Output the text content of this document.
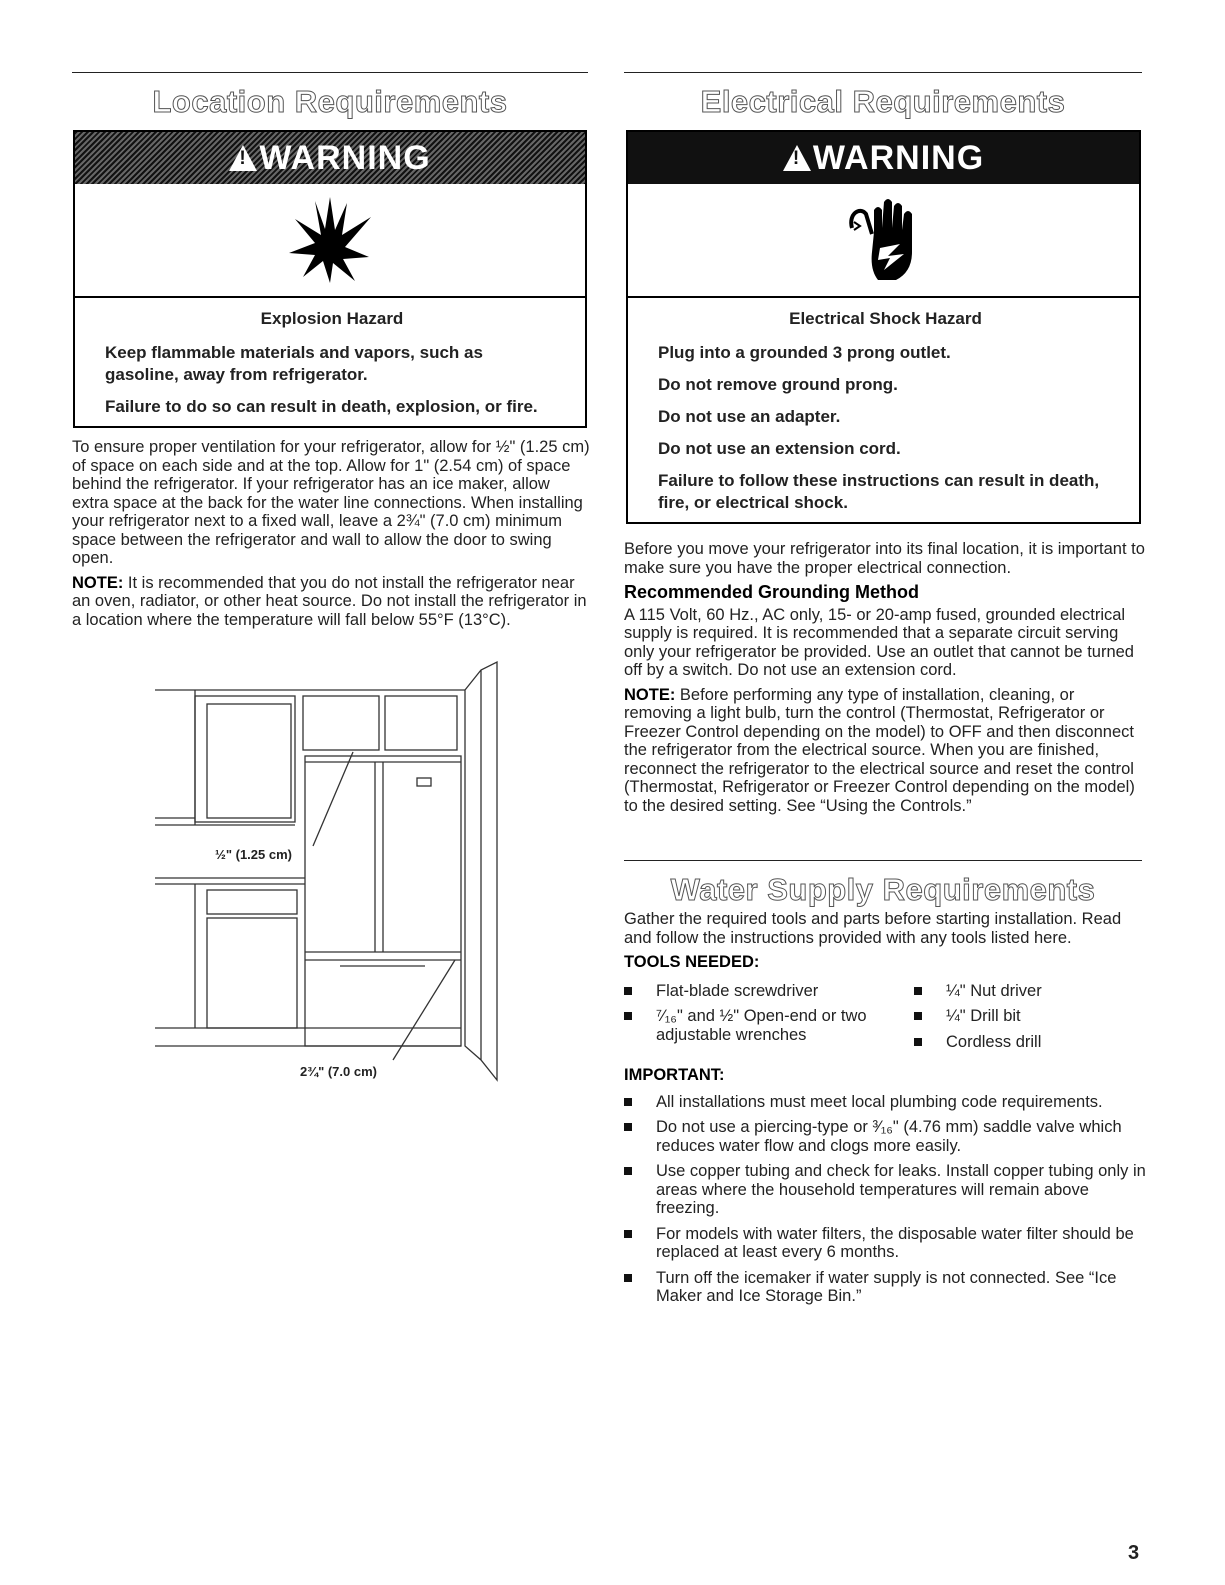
Location Requirements
!
WARNING
Explosion Hazard

Keep flammable materials and vapors, such as gasoline, away from refrigerator.

Failure to do so can result in death, explosion, or fire.

To ensure proper ventilation for your refrigerator, allow for ½" (1.25 cm) of space on each side and at the top. Allow for 1" (2.54 cm) of space behind the refrigerator. If your refrigerator has an ice maker, allow extra space at the back for the water line connections. When installing your refrigerator next to a fixed wall, leave a 2¾" (7.0 cm) minimum space between the refrigerator and wall to allow the door to swing open.

NOTE: It is recommended that you do not install the refrigerator near an oven, radiator, or other heat source. Do not install the refrigerator in a location where the temperature will fall below 55°F (13°C).

½" (1.25 cm)
2¾" (7.0 cm)
Electrical Requirements
!
WARNING
Electrical Shock Hazard

Plug into a grounded 3 prong outlet.

Do not remove ground prong.

Do not use an adapter.

Do not use an extension cord.

Failure to follow these instructions can result in death, fire, or electrical shock.

Before you move your refrigerator into its final location, it is important to make sure you have the proper electrical connection.

Recommended Grounding Method

A 115 Volt, 60 Hz., AC only, 15- or 20-amp fused, grounded electrical supply is required. It is recommended that a separate circuit serving only your refrigerator be provided. Use an outlet that cannot be turned off by a switch. Do not use an extension cord.

NOTE: Before performing any type of installation, cleaning, or removing a light bulb, turn the control (Thermostat, Refrigerator or Freezer Control depending on the model) to OFF and then disconnect the refrigerator from the electrical source. When you are finished, reconnect the refrigerator to the electrical source and reset the control (Thermostat, Refrigerator or Freezer Control depending on the model) to the desired setting. See “Using the Controls.”

Water Supply Requirements

Gather the required tools and parts before starting installation. Read and follow the instructions provided with any tools listed here.

TOOLS NEEDED:
Flat-blade screwdriver
⁷⁄₁₆" and ½" Open-end or two adjustable wrenches
¼" Nut driver
¼" Drill bit
Cordless drill
IMPORTANT:
All installations must meet local plumbing code requirements.
Do not use a piercing-type or ³⁄₁₆" (4.76 mm) saddle valve which reduces water flow and clogs more easily.
Use copper tubing and check for leaks. Install copper tubing only in areas where the household temperatures will remain above freezing.
For models with water filters, the disposable water filter should be replaced at least every 6 months.
Turn off the icemaker if water supply is not connected. See “Ice Maker and Ice Storage Bin.”
3
